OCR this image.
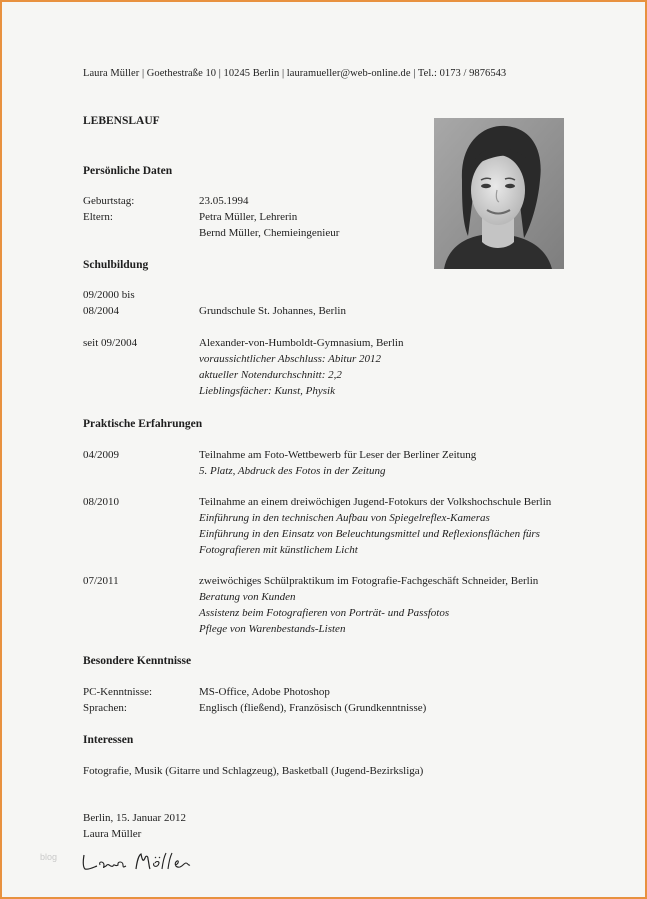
Laura Müller | Goethestraße 10 | 10245 Berlin | lauramueller@web-online.de | Tel.: 0173 / 9876543
LEBENSLAUF
Persönliche Daten
Geburtstag:	23.05.1994
Eltern:	Petra Müller, Lehrerin
Bernd Müller, Chemieingenieur
Schulbildung
09/2000 bis
08/2004	Grundschule St. Johannes, Berlin
seit 09/2004	Alexander-von-Humboldt-Gymnasium, Berlin
voraussichtlicher Abschluss: Abitur 2012
aktueller Notendurchschnitt: 2,2
Lieblingsfächer: Kunst, Physik
Praktische Erfahrungen
04/2009	Teilnahme am Foto-Wettbewerb für Leser der Berliner Zeitung
5. Platz, Abdruck des Fotos in der Zeitung
08/2010	Teilnahme an einem dreiwöchigen Jugend-Fotokurs der Volkshochschule Berlin
Einführung in den technischen Aufbau von Spiegelreflex-Kameras
Einführung in den Einsatz von Beleuchtungsmittel und Reflexionsflächen fürs
Fotografieren mit künstlichem Licht
07/2011	zweiwöchiges Schülpraktikum im Fotografie-Fachgeschäft Schneider, Berlin
Beratung von Kunden
Assistenz beim Fotografieren von Porträt- und Passfotos
Pflege von Warenbestands-Listen
Besondere Kenntnisse
PC-Kenntnisse:	MS-Office, Adobe Photoshop
Sprachen:	Englisch (fließend), Französisch (Grundkenntnisse)
Interessen
Fotografie, Musik (Gitarre und Schlagzeug), Basketball (Jugend-Bezirksliga)
Berlin, 15. Januar 2012
Laura Müller
blog
